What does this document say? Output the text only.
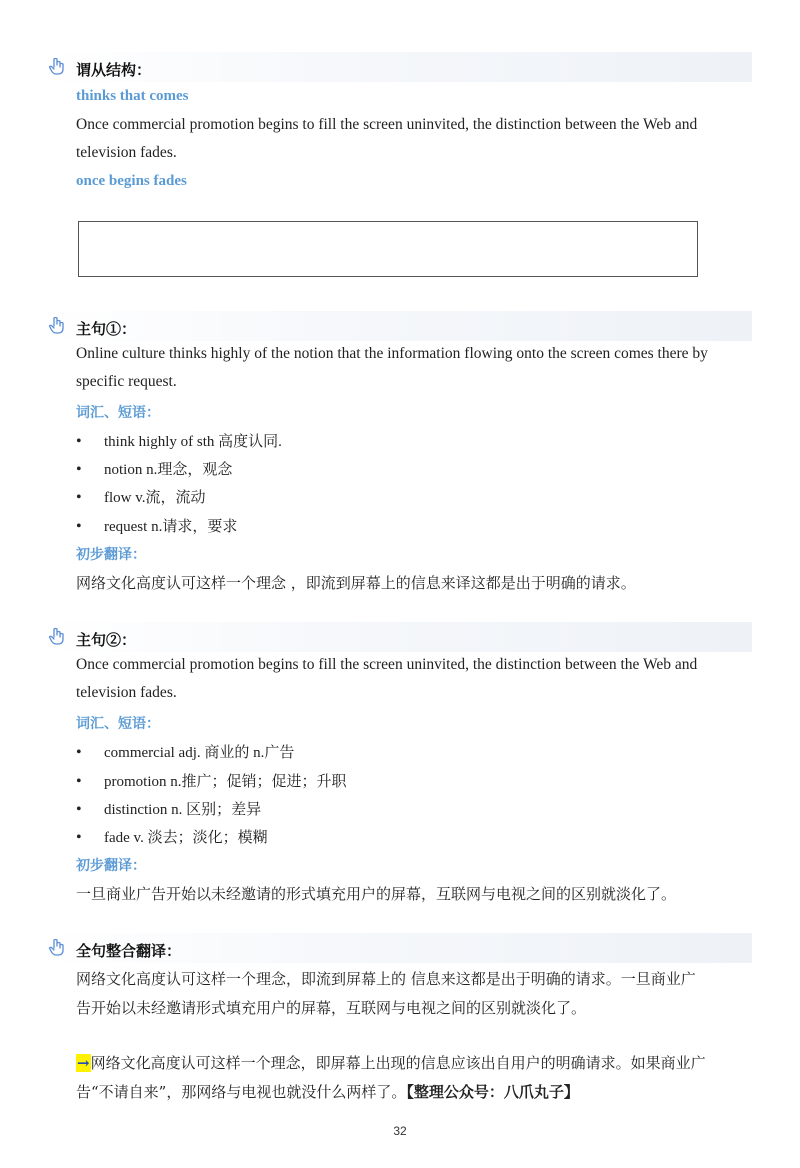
谓从结构：
thinks that comes
Once commercial promotion begins to fill the screen uninvited, the distinction between the Web and
television fades.
once begins fades
主句①：
Online culture thinks highly of the notion that the information flowing onto the screen comes there by
specific request.
词汇、短语：
• think highly of sth 高度认同.
• notion n.理念，观念
• flow v.流，流动
• request n.请求，要求
初步翻译：
网络文化高度认可这样一个理念 ，即流到屏幕上的信息来译这都是出于明确的请求。
主句②：
Once commercial promotion begins to fill the screen uninvited, the distinction between the Web and
television fades.
词汇、短语：
• commercial adj. 商业的 n.广告
• promotion n.推广；促销；促进；升职
• distinction n. 区别；差异
• fade v. 淡去；淡化；模糊
初步翻译：
一旦商业广告开始以未经邀请的形式填充用户的屏幕，互联网与电视之间的区别就淡化了。
全句整合翻译：
网络文化高度认可这样一个理念，即流到屏幕上的 信息来这都是出于明确的请求。一旦商业广
告开始以未经邀请形式填充用户的屏幕，互联网与电视之间的区别就淡化了。
→网络文化高度认可这样一个理念，即屏幕上出现的信息应该出自用户的明确请求。如果商业广
告“不请自来”，那网络与电视也就没什么两样了。【整理公众号：八爪丸子】
32
